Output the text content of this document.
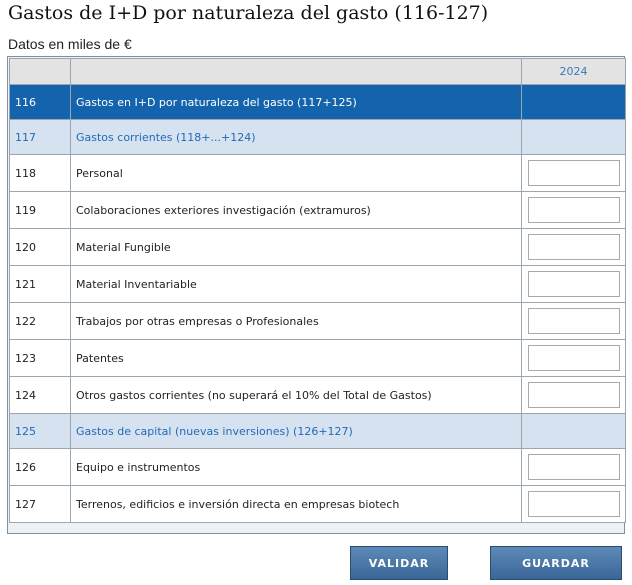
Gastos de I+D por naturaleza del gasto (116-127)
Datos en miles de €
		2024
116	Gastos en I+D por naturaleza del gasto (117+125)	
117	Gastos corrientes (118+...+124)	
118	Personal	
119	Colaboraciones exteriores investigación (extramuros)	
120	Material Fungible	
121	Material Inventariable	
122	Trabajos por otras empresas o Profesionales	
123	Patentes	
124	Otros gastos corrientes (no superará el 10% del Total de Gastos)	
125	Gastos de capital (nuevas inversiones) (126+127)	
126	Equipo e instrumentos	
127	Terrenos, edificios e inversión directa en empresas biotech	
VALIDAR	GUARDAR
